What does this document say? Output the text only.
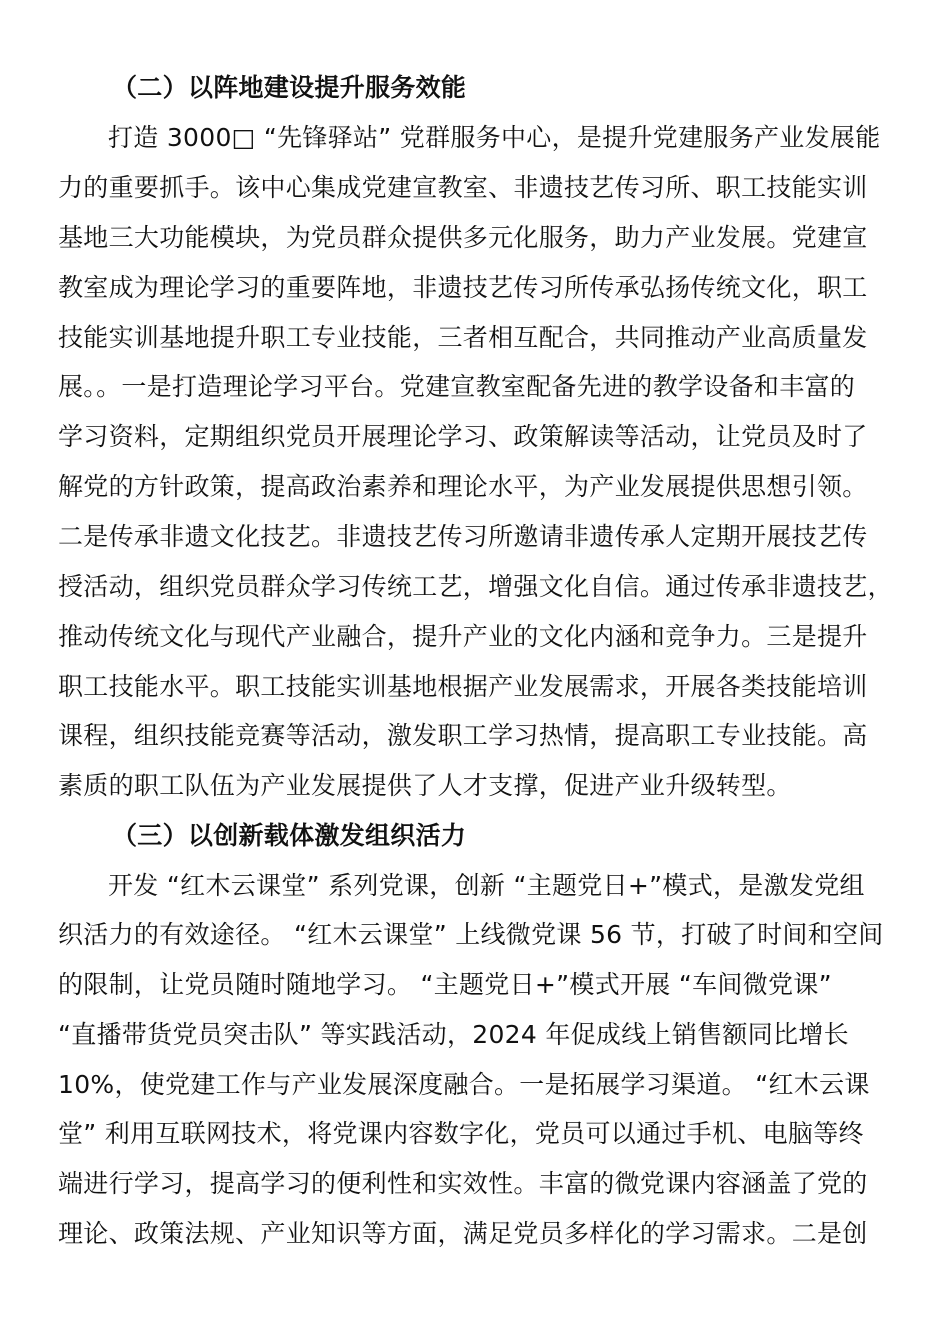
（二）以阵地建设提升服务效能
打造 3000□ “先锋驿站” 党群服务中心，是提升党建服务产业发展能
力的重要抓手。该中心集成党建宣教室、非遗技艺传习所、职工技能实训
基地三大功能模块，为党员群众提供多元化服务，助力产业发展。党建宣
教室成为理论学习的重要阵地，非遗技艺传习所传承弘扬传统文化，职工
技能实训基地提升职工专业技能，三者相互配合，共同推动产业高质量发
展。。一是打造理论学习平台。党建宣教室配备先进的教学设备和丰富的
学习资料，定期组织党员开展理论学习、政策解读等活动，让党员及时了
解党的方针政策，提高政治素养和理论水平，为产业发展提供思想引领。
二是传承非遗文化技艺。非遗技艺传习所邀请非遗传承人定期开展技艺传
授活动，组织党员群众学习传统工艺，增强文化自信。通过传承非遗技艺，
推动传统文化与现代产业融合，提升产业的文化内涵和竞争力。三是提升
职工技能水平。职工技能实训基地根据产业发展需求，开展各类技能培训
课程，组织技能竞赛等活动，激发职工学习热情，提高职工专业技能。高
素质的职工队伍为产业发展提供了人才支撑，促进产业升级转型。
（三）以创新载体激发组织活力
开发 “红木云课堂” 系列党课，创新 “主题党日+”模式，是激发党组
织活力的有效途径。 “红木云课堂” 上线微党课 56 节，打破了时间和空间
的限制，让党员随时随地学习。 “主题党日+”模式开展 “车间微党课”
“直播带货党员突击队” 等实践活动，2024 年促成线上销售额同比增长
10%，使党建工作与产业发展深度融合。一是拓展学习渠道。 “红木云课
堂” 利用互联网技术，将党课内容数字化，党员可以通过手机、电脑等终
端进行学习，提高学习的便利性和实效性。丰富的微党课内容涵盖了党的
理论、政策法规、产业知识等方面，满足党员多样化的学习需求。二是创
